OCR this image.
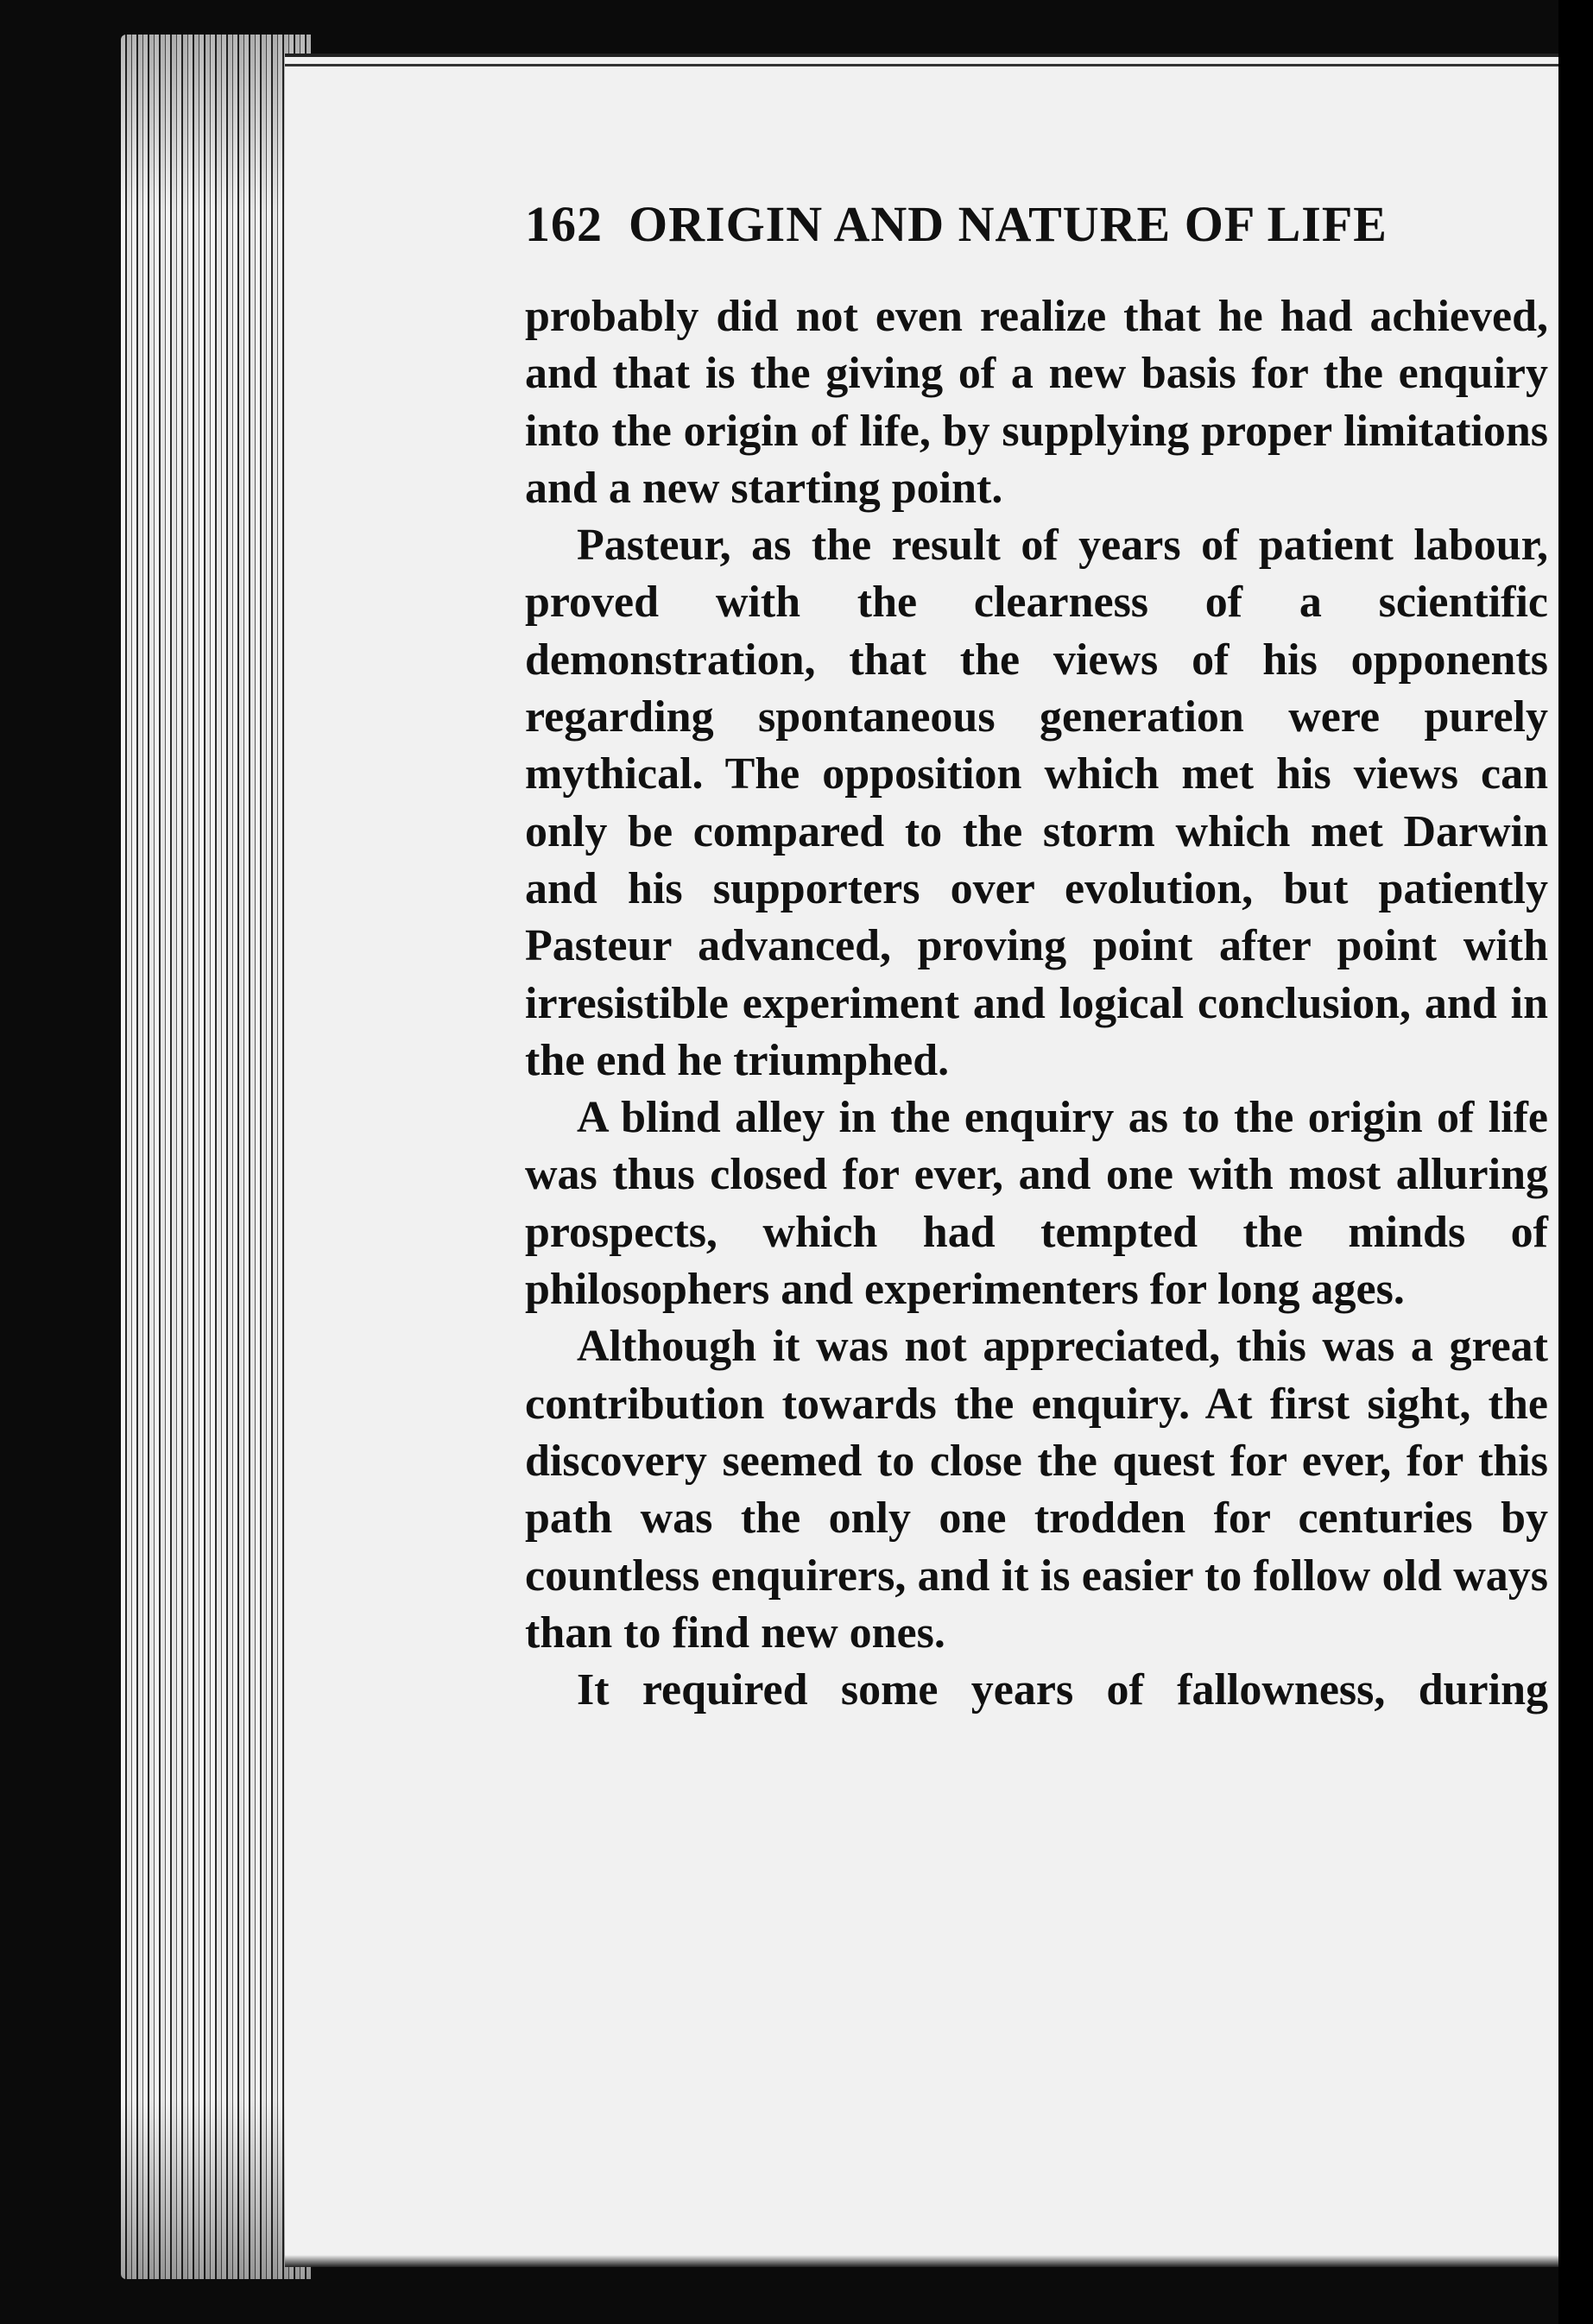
162 ORIGIN AND NATURE OF LIFE

probably did not even realize that he had achieved, and that is the giving of a new basis for the enquiry into the origin of life, by supplying proper limitations and a new starting point.

Pasteur, as the result of years of patient labour, proved with the clearness of a scientific demonstration, that the views of his opponents regarding spontaneous generation were purely mythical. The opposition which met his views can only be compared to the storm which met Darwin and his supporters over evolution, but patiently Pasteur advanced, proving point after point with irresistible experiment and logical conclusion, and in the end he triumphed.

A blind alley in the enquiry as to the origin of life was thus closed for ever, and one with most alluring prospects, which had tempted the minds of philosophers and experimenters for long ages.

Although it was not appreciated, this was a great contribution towards the enquiry. At first sight, the discovery seemed to close the quest for ever, for this path was the only one trodden for centuries by countless enquirers, and it is easier to follow old ways than to find new ones.

It required some years of fallowness, during
